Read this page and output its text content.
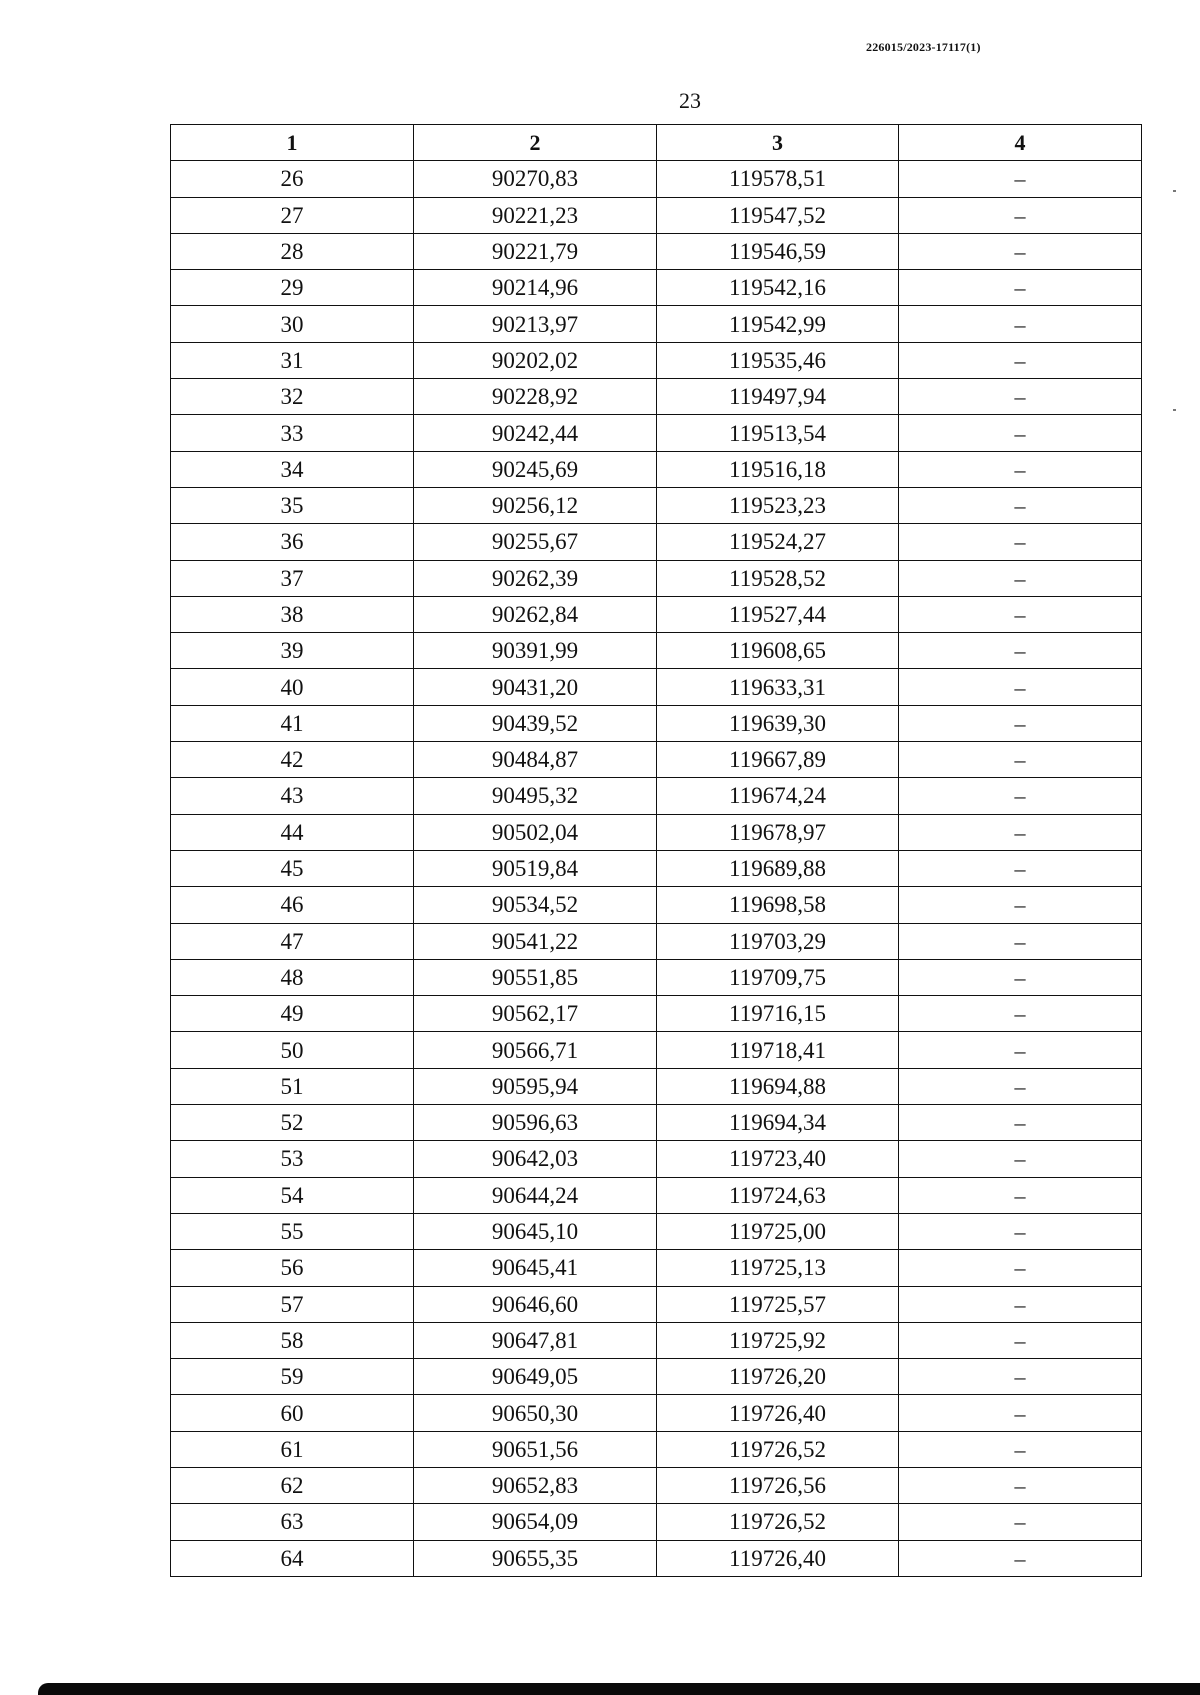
226015/2023-17117(1)
23
1	2	3	4
26	90270,83	119578,51	–
27	90221,23	119547,52	–
28	90221,79	119546,59	–
29	90214,96	119542,16	–
30	90213,97	119542,99	–
31	90202,02	119535,46	–
32	90228,92	119497,94	–
33	90242,44	119513,54	–
34	90245,69	119516,18	–
35	90256,12	119523,23	–
36	90255,67	119524,27	–
37	90262,39	119528,52	–
38	90262,84	119527,44	–
39	90391,99	119608,65	–
40	90431,20	119633,31	–
41	90439,52	119639,30	–
42	90484,87	119667,89	–
43	90495,32	119674,24	–
44	90502,04	119678,97	–
45	90519,84	119689,88	–
46	90534,52	119698,58	–
47	90541,22	119703,29	–
48	90551,85	119709,75	–
49	90562,17	119716,15	–
50	90566,71	119718,41	–
51	90595,94	119694,88	–
52	90596,63	119694,34	–
53	90642,03	119723,40	–
54	90644,24	119724,63	–
55	90645,10	119725,00	–
56	90645,41	119725,13	–
57	90646,60	119725,57	–
58	90647,81	119725,92	–
59	90649,05	119726,20	–
60	90650,30	119726,40	–
61	90651,56	119726,52	–
62	90652,83	119726,56	–
63	90654,09	119726,52	–
64	90655,35	119726,40	–
